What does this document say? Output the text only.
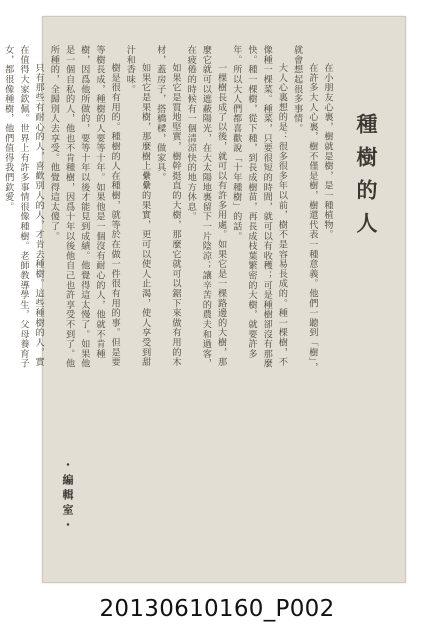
種樹的人

在小朋友心裏，樹就是樹，是一種植物。

在許多大人心裏，樹不僅是樹，樹還代表一種意義。他們一聽到「樹」，就會想起很多事情。

大人心裏想的是：很多很多年以前，樹不是容易長成的。種一棵樹，不像種一棵菜。種菜，只要很短的時間，就可以有收穫；可是種樹卻沒有那麼快。種一棵樹，從下種，到長成樹苗，再長成枝葉繁密的大樹，就要許多年。所以大人們都喜歡說「十年種樹」的話。

一棵樹長成了以後，就可以有許多用處。如果它是一棵路邊的大樹，那麼它就可以遮蔽陽光，在大太陽地裏留下一片陰涼；讓辛苦的農夫和過客，在疲倦的時候有一個清涼快的地方休息。

如果它是質地堅實，樹幹挺直的大樹，那麼它就可以鋸下來做有用的木材，蓋房子，搭橋樑，做家具。

如果它是果樹，那麼樹上纍纍的果實，更可以使人止渴，使人享受到甜汁和香味。

樹是很有用的。種樹的人在種樹，就等於在做一件很有用的事。但是要等樹長成，種樹的人要等十年。如果他是一個沒有耐心的人，他就不肯種樹，因爲他所做的，要等十年以後才能見到成績。他覺得這太慢了。如果他是一個自私的人，他也不肯種樹，因爲十年以後他自己也許享受不到了。他所種的，全歸別人去享受。他覺得這太傻了。

只有那些有耐心的人，喜歡別人的人，才肯去種樹。這些種樹的人，實在值得大家欽佩。世界上有許多事情很像種樹。老師教導學生，父母養育子女，都很像種樹，他們值得我們欽愛。

・編輯室・
20130610160_P002
